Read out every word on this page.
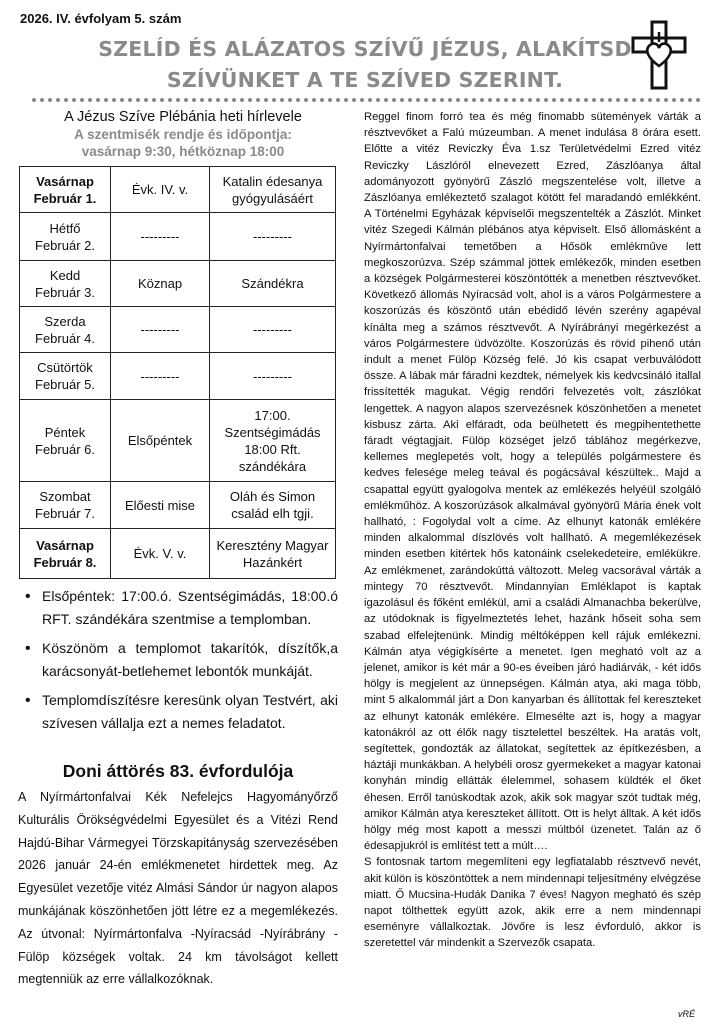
2026. IV. évfolyam 5. szám
SZELÍD ÉS ALÁZATOS SZÍVŰ JÉZUS, ALAKÍTSD
SZÍVÜNKET A TE SZÍVED SZERINT.
A Jézus Szíve Plébánia heti hírlevele
A szentmisék rendje és időpontja:
vasárnap 9:30, hétköznap 18:00
Vasárnap
Február 1.	Évk. IV. v.	Katalin édesanya gyógyulásáért

Hétfő
Február 2.	---------	---------

Kedd
Február 3.	Köznap	Szándékra

Szerda
Február 4.	---------	---------

Csütörtök
Február 5.	---------	---------

Péntek
Február 6.	Elsőpéntek	17:00. Szentségimádás 18:00 Rft. szándékára

Szombat
Február 7.	Előesti mise	Oláh és Simon család elh tgji.

Vasárnap
Február 8.	Évk. V. v.	Keresztény Magyar Hazánkért
• Elsőpéntek: 17:00.ó. Szentségimádás, 18:00.ó RFT. szándékára szentmise a templomban.
• Köszönöm a templomot takarítók, díszítők,a karácsonyát-betlehemet lebontók munkáját.
• Templomdíszítésre keresünk olyan Testvért, aki szívesen vállalja ezt a nemes feladatot.
Doni áttörés 83. évfordulója
A Nyírmártonfalvai Kék Nefelejcs Hagyományőrző Kulturális Örökségvédelmi Egyesület és a Vitézi Rend Hajdú-Bihar Vármegyei Törzskapitányság szervezésében 2026 január 24-én emlékmenetet hirdettek meg. Az Egyesület vezetője vitéz Almási Sándor úr nagyon alapos munkájának köszönhetően jött létre ez a megemlékezés. Az útvonal: Nyírmártonfalva -Nyíracsád -Nyírábrány -Fülöp községek voltak. 24 km távolságot kellett megtenniük az erre vállalkozóknak.

Reggel finom forró tea és még finomabb sütemények várták a résztvevőket a Falú múzeumban. A menet indulása 8 órára esett. Előtte a vitéz Reviczky Éva 1.sz Területvédelmi Ezred vitéz Reviczky Lászlóról elnevezett Ezred, Zászlóanya által adományozott gyönyörű Zászló megszentelése volt, illetve a Zászlóanya emlékeztető szalagot kötött fel maradandó emlékként. A Történelmi Egyházak képviselői megszentelték a Zászlót. Minket vitéz Szegedi Kálmán plébános atya képviselt. Első állomásként a Nyírmártonfalvai temetőben a Hősök emlékműve lett megkoszorúzva. Szép számmal jöttek emlékezők, minden esetben a községek Polgármesterei köszöntötték a menetben résztvevőket. Következő állomás Nyíracsád volt, ahol is a város Polgármestere a koszorúzás és köszöntő után ebédidő lévén szerény agapéval kínálta meg a számos résztvevőt. A Nyírábrányi megérkezést a város Polgármestere üdvözölte. Koszorúzás és rövid pihenő után indult a menet Fülöp Község felé. Jó kis csapat verbuválódott össze. A lábak már fáradni kezdtek, némelyek kis kedvcsináló itallal frissítették magukat. Végig rendőri felvezetés volt, zászlókat lengettek. A nagyon alapos szervezésnek köszönhetően a menetet kisbusz zárta. Aki elfáradt, oda beülhetett és megpihentethette fáradt végtagjait. Fülöp községet jelző táblához megérkezve, kellemes meglepetés volt, hogy a település polgármestere és kedves felesége meleg teával és pogácsával készültek.. Majd a csapattal együtt gyalogolva mentek az emlékezés helyéül szolgáló emlékműhöz. A koszorúzások alkalmával gyönyörű Mária ének volt hallható, : Fogolydal volt a címe. Az elhunyt katonák emlékére minden alkalommal díszlövés volt hallható. A megemlékezések minden esetben kitértek hős katonáink cselekedeteire, emlékükre. Az emlékmenet, zarándokúttá változott. Meleg vacsorával várták a mintegy 70 résztvevőt. Mindannyian Emléklapot is kaptak igazolásul és főként emlékül, ami a családi Almanachba bekerülve, az utódoknak is figyelmeztetés lehet, hazánk hőseit soha sem szabad elfelejtenünk. Mindig méltóképpen kell rájuk emlékezni. Kálmán atya végigkísérte a menetet. Igen megható volt az a jelenet, amikor is két már a 90-es éveiben járó hadiárvák, - két idős hölgy is megjelent az ünnepségen. Kálmán atya, aki maga több, mint 5 alkalommál járt a Don kanyarban és állítottak fel kereszteket az elhunyt katonák emlékére. Elmesélte azt is, hogy a magyar katonákról az ott élők nagy tisztelettel beszéltek. Ha aratás volt, segítettek, gondozták az állatokat, segítettek az építkezésben, a háztáji munkákban. A helybéli orosz gyermekeket a magyar katonai konyhán mindig ellátták élelemmel, sohasem küldték el őket éhesen. Erről tanúskodtak azok, akik sok magyar szót tudtak még, amikor Kálmán atya kereszteket állított. Ott is helyt álltak. A két idős hölgy még most kapott a messzi múltból üzenetet. Talán az ő édesapjukról is említést tett a múlt….

S fontosnak tartom megemlíteni egy legfiatalabb résztvevő nevét, akit külön is köszöntöttek a nem mindennapi teljesítmény elvégzése miatt. Ő Mucsina-Hudák Danika 7 éves! Nagyon megható és szép napot tölthettek együtt azok, akik erre a nem mindennapi eseményre vállalkoztak. Jövőre is lesz évforduló, akkor is szeretettel vár mindenkit a Szervezők csapata.

vRÉ
